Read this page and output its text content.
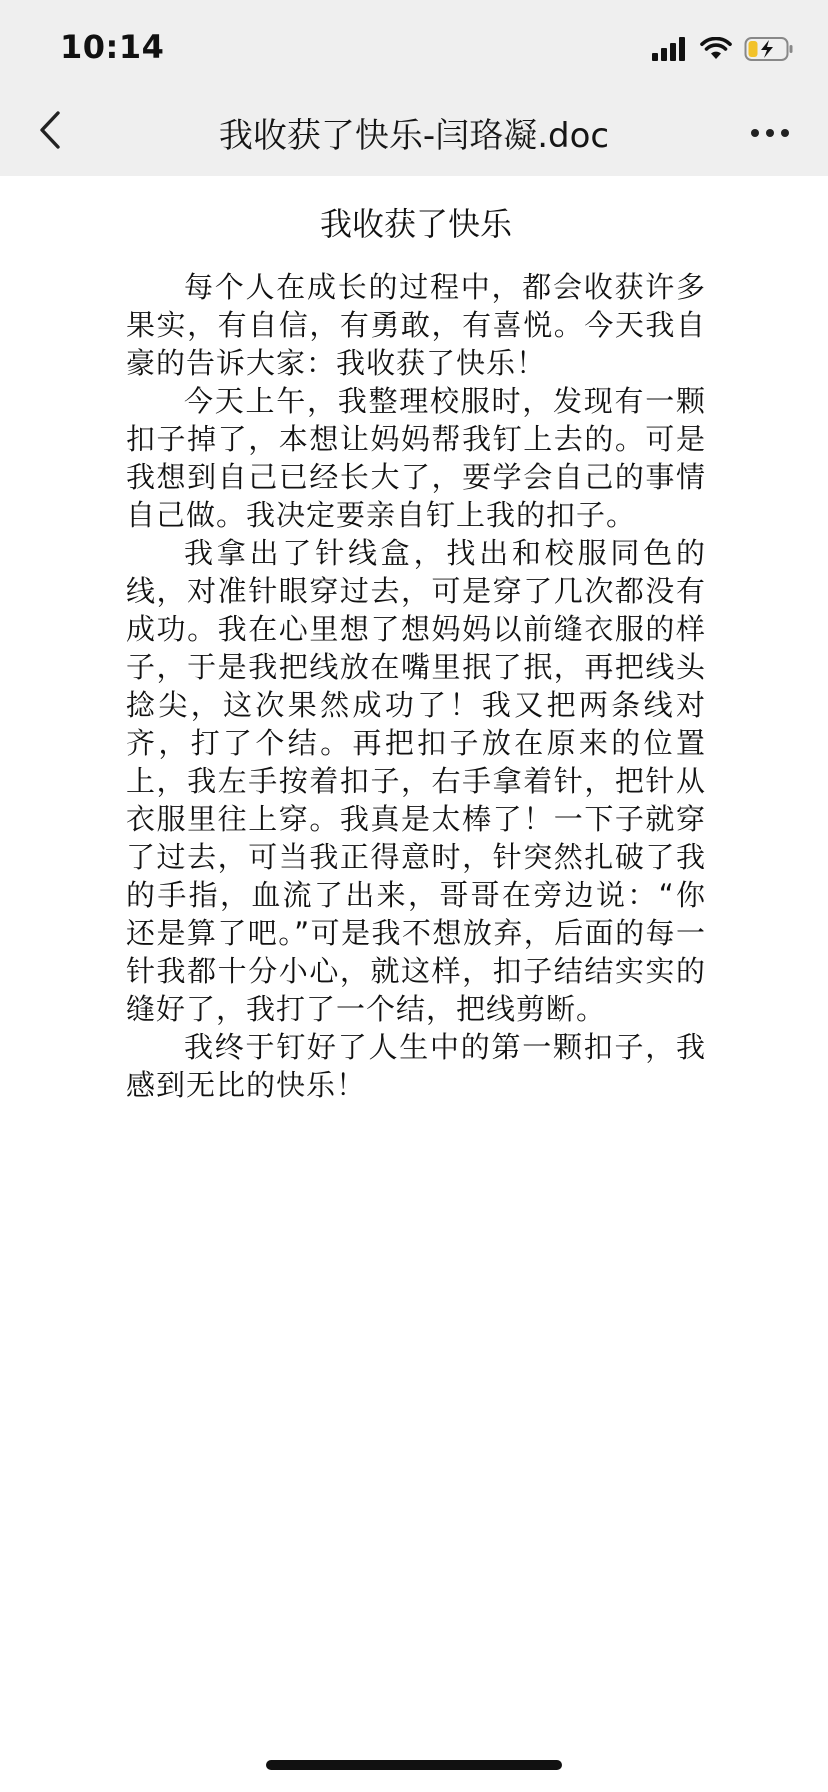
10:14
我收获了快乐-闫珞凝.doc
我收获了快乐

每个人在成长的过程中，都会收获许多果实，有自信，有勇敢，有喜悦。今天我自豪的告诉大家：我收获了快乐！

今天上午，我整理校服时，发现有一颗扣子掉了，本想让妈妈帮我钉上去的。可是我想到自己已经长大了，要学会自己的事情自己做。我决定要亲自钉上我的扣子。

我拿出了针线盒，找出和校服同色的线，对准针眼穿过去，可是穿了几次都没有成功。我在心里想了想妈妈以前缝衣服的样子，于是我把线放在嘴里抿了抿，再把线头捻尖，这次果然成功了！我又把两条线对齐，打了个结。再把扣子放在原来的位置上，我左手按着扣子，右手拿着针，把针从衣服里往上穿。我真是太棒了！一下子就穿了过去，可当我正得意时，针突然扎破了我的手指，血流了出来，哥哥在旁边说：“你还是算了吧。”可是我不想放弃，后面的每一针我都十分小心，就这样，扣子结结实实的缝好了，我打了一个结，把线剪断。

我终于钉好了人生中的第一颗扣子，我感到无比的快乐！
